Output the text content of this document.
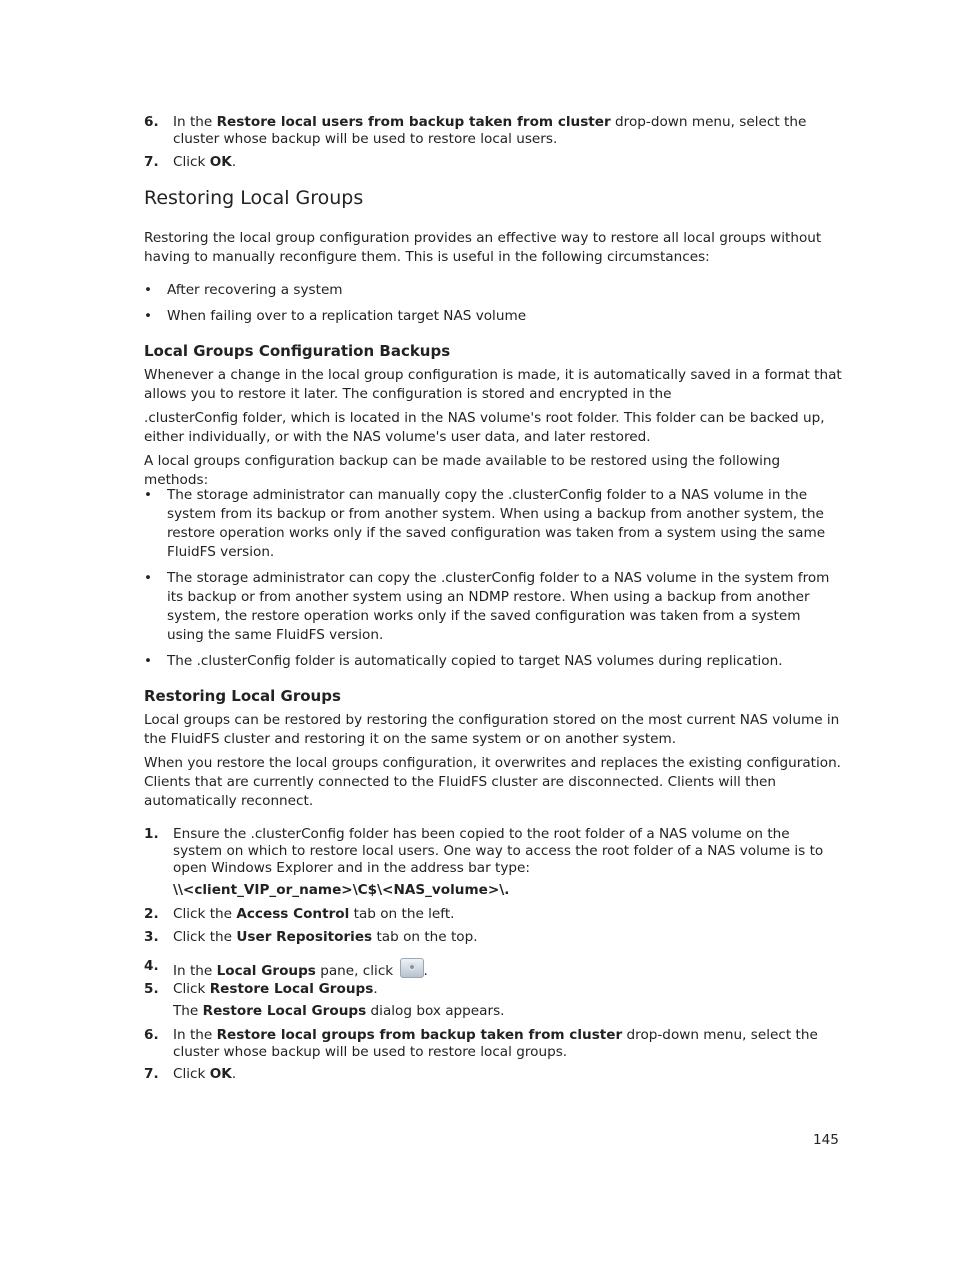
6.	In the Restore local users from backup taken from cluster drop-down menu, select the cluster whose backup will be used to restore local users.
7.	Click OK.
Restoring Local Groups

Restoring the local group configuration provides an effective way to restore all local groups without having to manually reconfigure them. This is useful in the following circumstances:

• After recovering a system
• When failing over to a replication target NAS volume
Local Groups Configuration Backups

Whenever a change in the local group configuration is made, it is automatically saved in a format that allows you to restore it later. The configuration is stored and encrypted in the

.clusterConfig folder, which is located in the NAS volume's root folder. This folder can be backed up, either individually, or with the NAS volume's user data, and later restored.

A local groups configuration backup can be made available to be restored using the following methods:

• The storage administrator can manually copy the .clusterConfig folder to a NAS volume in the system from its backup or from another system. When using a backup from another system, the restore operation works only if the saved configuration was taken from a system using the same FluidFS version.
• The storage administrator can copy the .clusterConfig folder to a NAS volume in the system from its backup or from another system using an NDMP restore. When using a backup from another system, the restore operation works only if the saved configuration was taken from a system using the same FluidFS version.
• The .clusterConfig folder is automatically copied to target NAS volumes during replication.
Restoring Local Groups

Local groups can be restored by restoring the configuration stored on the most current NAS volume in the FluidFS cluster and restoring it on the same system or on another system.

When you restore the local groups configuration, it overwrites and replaces the existing configuration. Clients that are currently connected to the FluidFS cluster are disconnected. Clients will then automatically reconnect.

1.	Ensure the .clusterConfig folder has been copied to the root folder of a NAS volume on the system on which to restore local users. One way to access the root folder of a NAS volume is to open Windows Explorer and in the address bar type:
\\<client_VIP_or_name>\C$\<NAS_volume>\.
2.	Click the Access Control tab on the left.
3.	Click the User Repositories tab on the top.
4.	In the Local Groups pane, click .
5.	Click Restore Local Groups.
The Restore Local Groups dialog box appears.
6.	In the Restore local groups from backup taken from cluster drop-down menu, select the cluster whose backup will be used to restore local groups.
7.	Click OK.
145
